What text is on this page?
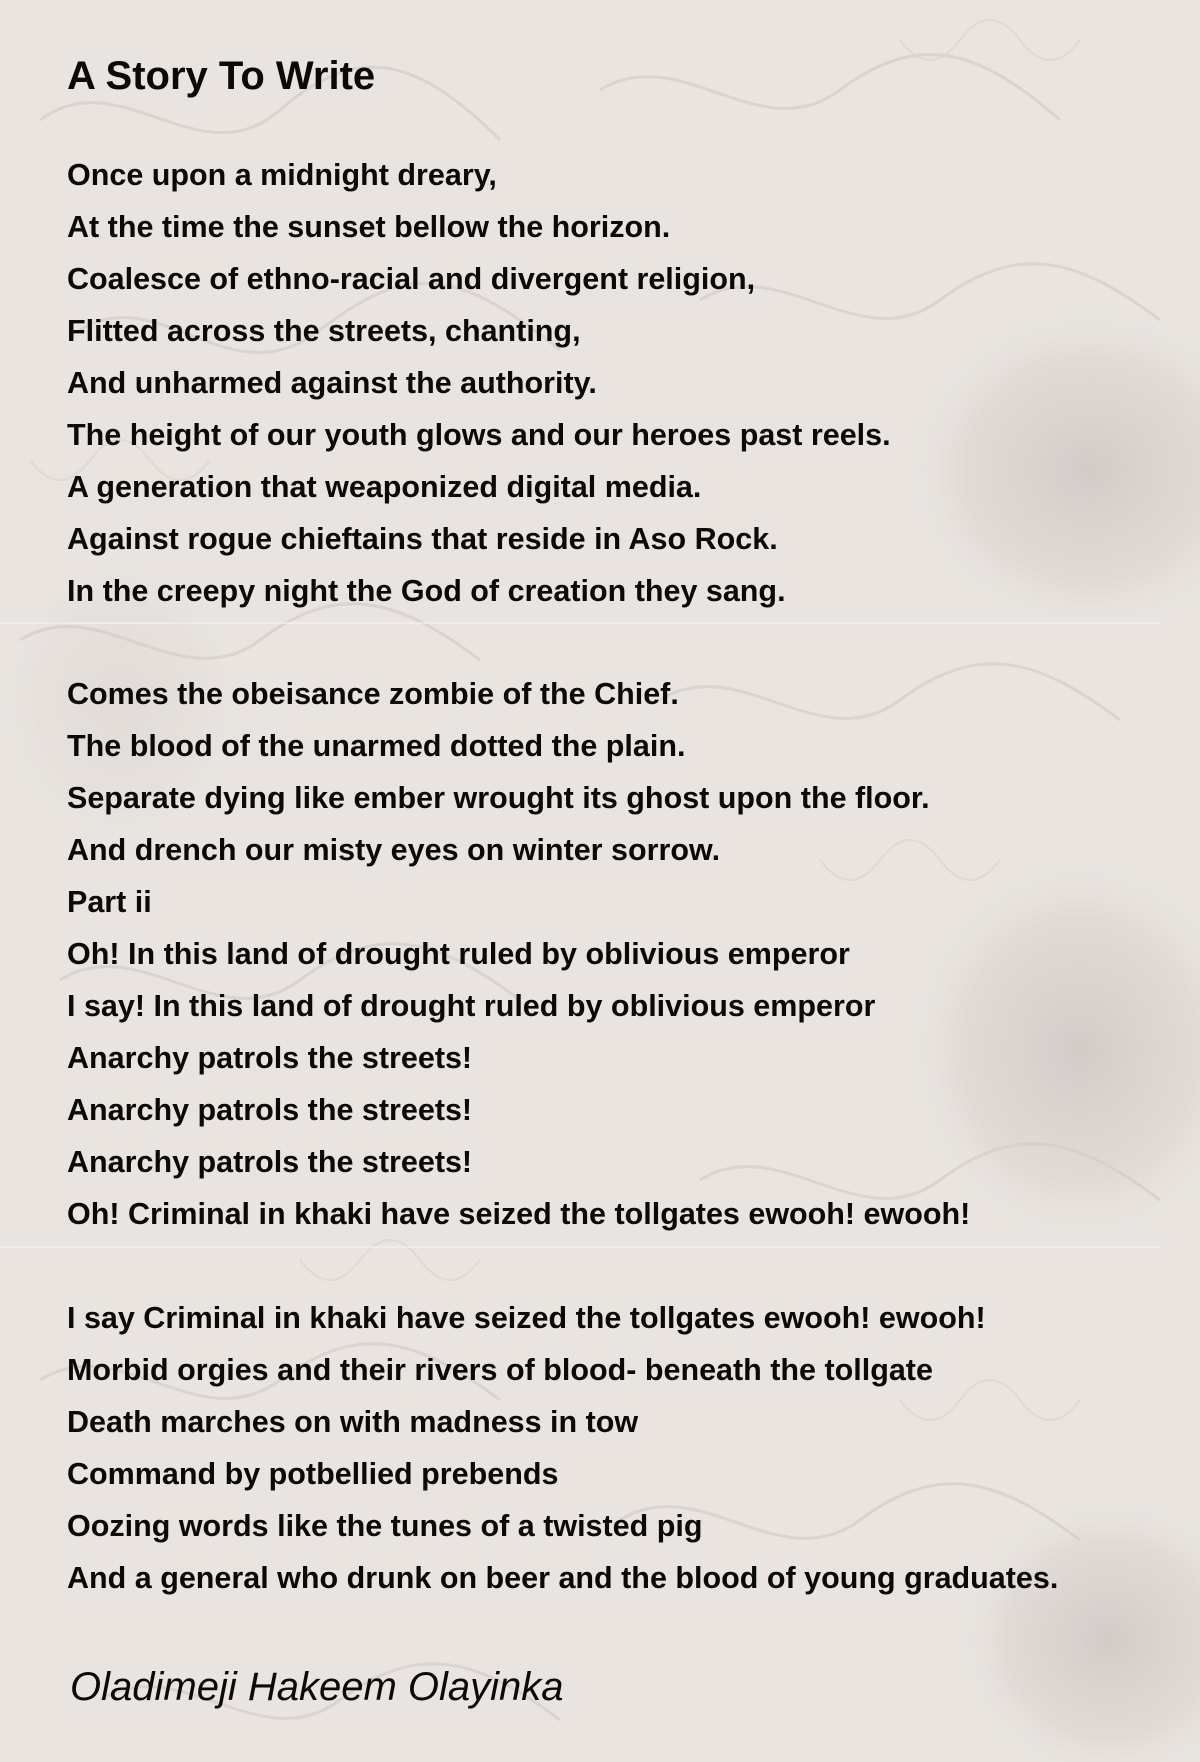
A Story To Write
Once upon a midnight dreary,
At the time the sunset bellow the horizon.
Coalesce of ethno-racial and divergent religion,
Flitted across the streets, chanting,
And unharmed against the authority.
The height of our youth glows and our heroes past reels.
A generation that weaponized digital media.
Against rogue chieftains that reside in Aso Rock.
In the creepy night the God of creation they sang.
Comes the obeisance zombie of the Chief.
The blood of the unarmed dotted the plain.
Separate dying like ember wrought its ghost upon the floor.
And drench our misty eyes on winter sorrow.
Part ii
Oh! In this land of drought ruled by oblivious emperor
I say! In this land of drought ruled by oblivious emperor
Anarchy patrols the streets!
Anarchy patrols the streets!
Anarchy patrols the streets!
Oh! Criminal in khaki have seized the tollgates ewooh! ewooh!
I say Criminal in khaki have seized the tollgates ewooh! ewooh!
Morbid orgies and their rivers of blood- beneath the tollgate
Death marches on with madness in tow
Command by potbellied prebends
Oozing words like the tunes of a twisted pig
And a general who drunk on beer and the blood of young graduates.
Oladimeji Hakeem Olayinka
